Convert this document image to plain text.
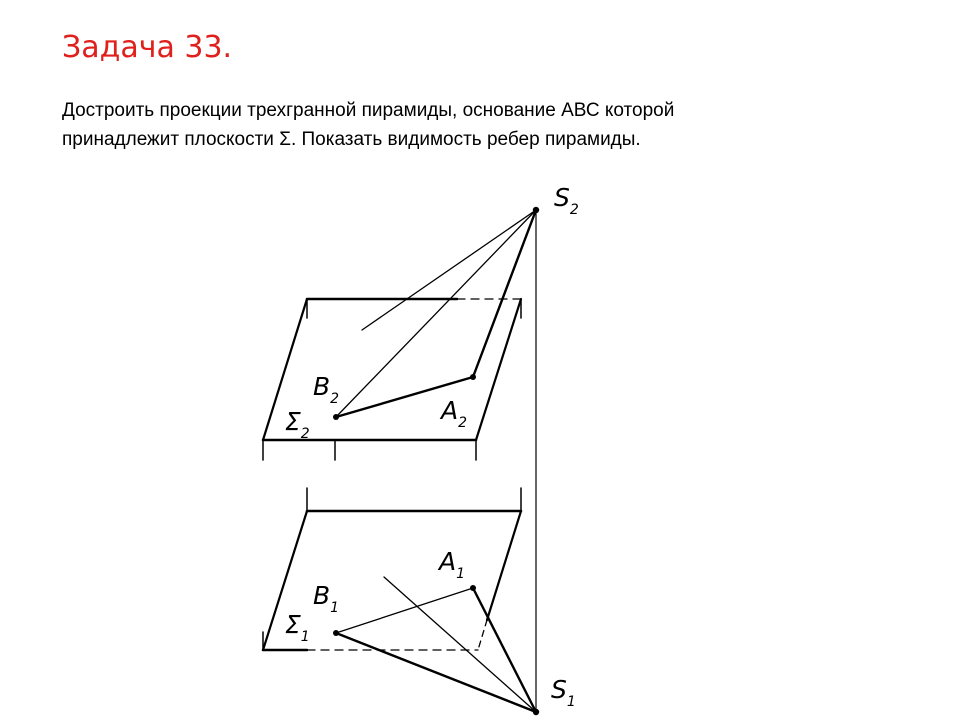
Задача 33.
Достроить проекции трехгранной пирамиды, основание АВС которой
принадлежит плоскости Σ. Показать видимость ребер пирамиды.
$S_2$
$B_2$	$A_2$
$\Sigma_2$
$A_1$
$B_1$
$\Sigma_1$
$S_1$
